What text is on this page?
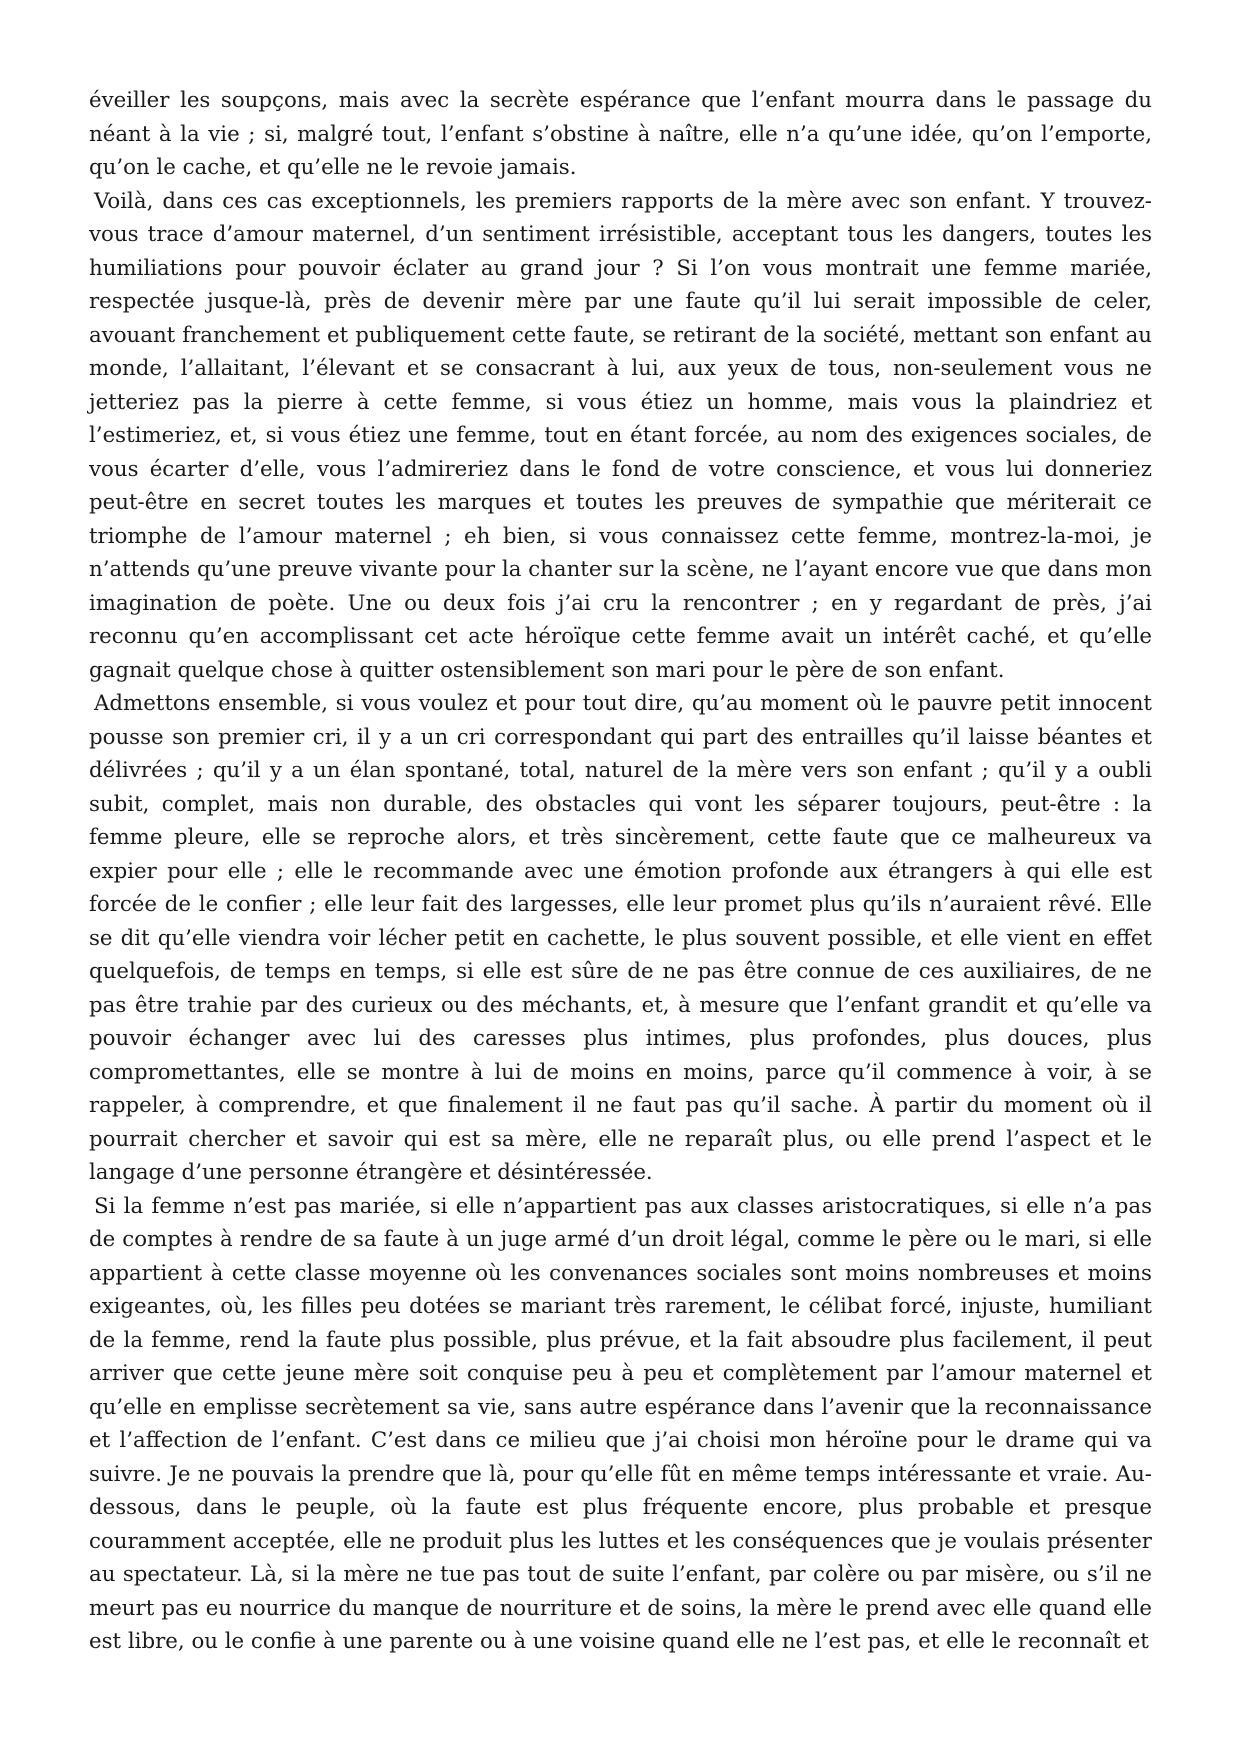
éveiller les soupçons, mais avec la secrète espérance que l’enfant mourra dans le passage du néant à la vie ; si, malgré tout, l’enfant s’obstine à naître, elle n’a qu’une idée, qu’on l’emporte, qu’on le cache, et qu’elle ne le revoie jamais.

Voilà, dans ces cas exceptionnels, les premiers rapports de la mère avec son enfant. Y trouvez-vous trace d’amour maternel, d’un sentiment irrésistible, acceptant tous les dangers, toutes les humiliations pour pouvoir éclater au grand jour ? Si l’on vous montrait une femme mariée, respectée jusque-là, près de devenir mère par une faute qu’il lui serait impossible de celer, avouant franchement et publiquement cette faute, se retirant de la société, mettant son enfant au monde, l’allaitant, l’élevant et se consacrant à lui, aux yeux de tous, non-seulement vous ne jetteriez pas la pierre à cette femme, si vous étiez un homme, mais vous la plaindriez et l’estimeriez, et, si vous étiez une femme, tout en étant forcée, au nom des exigences sociales, de vous écarter d’elle, vous l’admireriez dans le fond de votre conscience, et vous lui donneriez peut-être en secret toutes les marques et toutes les preuves de sympathie que mériterait ce triomphe de l’amour maternel ; eh bien, si vous connaissez cette femme, montrez-la-moi, je n’attends qu’une preuve vivante pour la chanter sur la scène, ne l’ayant encore vue que dans mon imagination de poète. Une ou deux fois j’ai cru la rencontrer ; en y regardant de près, j’ai reconnu qu’en accomplissant cet acte héroïque cette femme avait un intérêt caché, et qu’elle gagnait quelque chose à quitter ostensiblement son mari pour le père de son enfant.

Admettons ensemble, si vous voulez et pour tout dire, qu’au moment où le pauvre petit innocent pousse son premier cri, il y a un cri correspondant qui part des entrailles qu’il laisse béantes et délivrées ; qu’il y a un élan spontané, total, naturel de la mère vers son enfant ; qu’il y a oubli subit, complet, mais non durable, des obstacles qui vont les séparer toujours, peut-être : la femme pleure, elle se reproche alors, et très sincèrement, cette faute que ce malheureux va expier pour elle ; elle le recommande avec une émotion profonde aux étrangers à qui elle est forcée de le confier ; elle leur fait des largesses, elle leur promet plus qu’ils n’auraient rêvé. Elle se dit qu’elle viendra voir lécher petit en cachette, le plus souvent possible, et elle vient en effet quelquefois, de temps en temps, si elle est sûre de ne pas être connue de ces auxiliaires, de ne pas être trahie par des curieux ou des méchants, et, à mesure que l’enfant grandit et qu’elle va pouvoir échanger avec lui des caresses plus intimes, plus profondes, plus douces, plus compromettantes, elle se montre à lui de moins en moins, parce qu’il commence à voir, à se rappeler, à comprendre, et que finalement il ne faut pas qu’il sache. À partir du moment où il pourrait chercher et savoir qui est sa mère, elle ne reparaît plus, ou elle prend l’aspect et le langage d’une personne étrangère et désintéressée.

Si la femme n’est pas mariée, si elle n’appartient pas aux classes aristocratiques, si elle n’a pas de comptes à rendre de sa faute à un juge armé d’un droit légal, comme le père ou le mari, si elle appartient à cette classe moyenne où les convenances sociales sont moins nombreuses et moins exigeantes, où, les filles peu dotées se mariant très rarement, le célibat forcé, injuste, humiliant de la femme, rend la faute plus possible, plus prévue, et la fait absoudre plus facilement, il peut arriver que cette jeune mère soit conquise peu à peu et complètement par l’amour maternel et qu’elle en emplisse secrètement sa vie, sans autre espérance dans l’avenir que la reconnaissance et l’affection de l’enfant. C’est dans ce milieu que j’ai choisi mon héroïne pour le drame qui va suivre. Je ne pouvais la prendre que là, pour qu’elle fût en même temps intéressante et vraie. Au-dessous, dans le peuple, où la faute est plus fréquente encore, plus probable et presque couramment acceptée, elle ne produit plus les luttes et les conséquences que je voulais présenter au spectateur. Là, si la mère ne tue pas tout de suite l’enfant, par colère ou par misère, ou s’il ne meurt pas eu nourrice du manque de nourriture et de soins, la mère le prend avec elle quand elle est libre, ou le confie à une parente ou à une voisine quand elle ne l’est pas, et elle le reconnaît et
